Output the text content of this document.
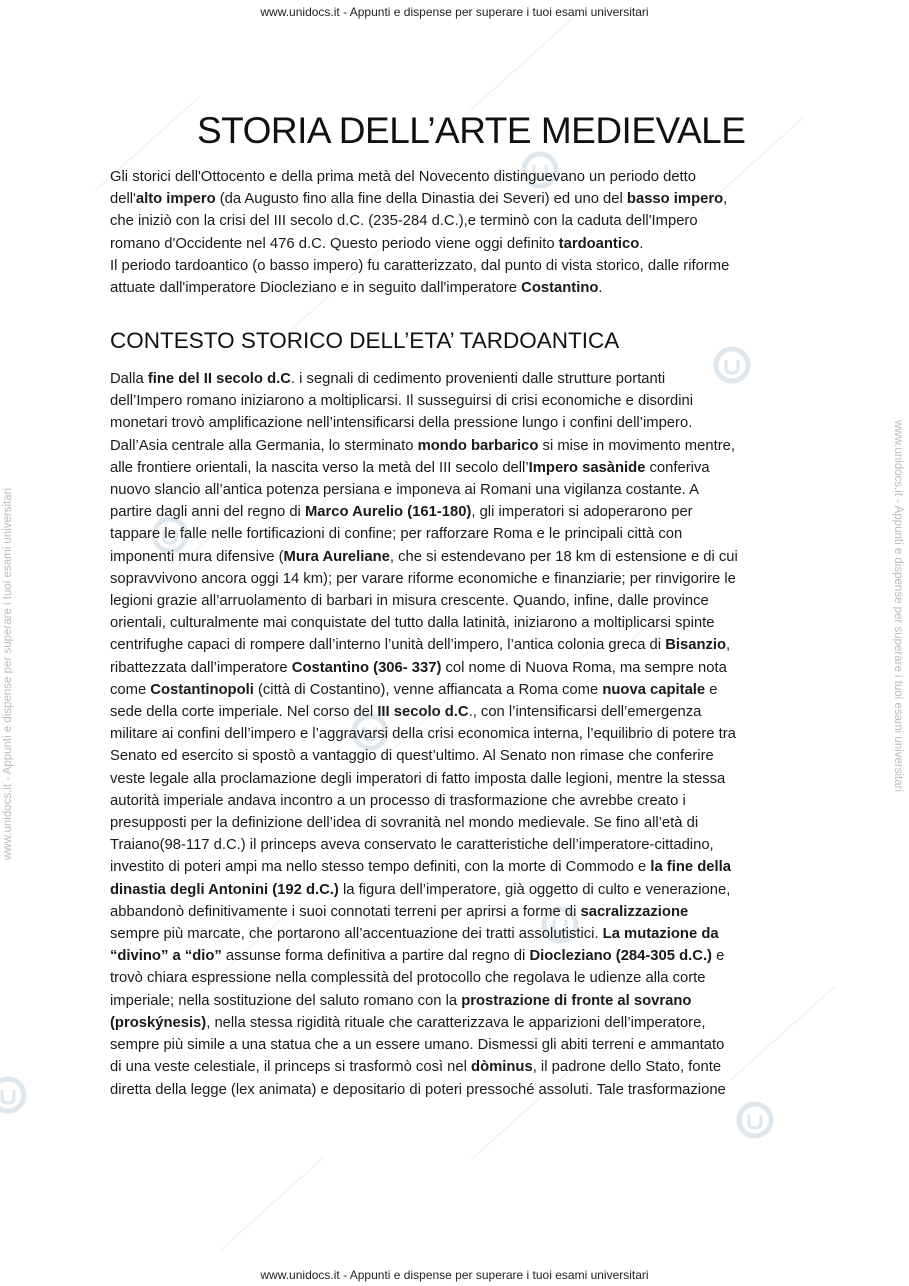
www.unidocs.it - Appunti e dispense per superare i tuoi esami universitari	www.unidocs.it - Appunti e dispense per superare i tuoi esami universitari
www.unidocs.it - Appunti e dispense per superare i tuoi esami universitari
www.unidocs.it - Appunti e dispense per superare i tuoi esami universitari
STORIA DELL’ARTE MEDIEVALE
Gli storici dell'Ottocento e della prima metà del Novecento distinguevano un periodo detto
dell'alto impero (da Augusto fino alla fine della Dinastia dei Severi) ed uno del basso impero,
che iniziò con la crisi del III secolo d.C. (235-284 d.C.),e terminò con la caduta dell'Impero
romano d'Occidente nel 476 d.C. Questo periodo viene oggi definito tardoantico.
Il periodo tardoantico (o basso impero) fu caratterizzato, dal punto di vista storico, dalle riforme
attuate dall'imperatore Diocleziano e in seguito dall'imperatore Costantino.
CONTESTO STORICO DELL’ETA’ TARDOANTICA
Dalla fine del II secolo d.C. i segnali di cedimento provenienti dalle strutture portanti
dell’Impero romano iniziarono a moltiplicarsi. Il susseguirsi di crisi economiche e disordini
monetari trovò amplificazione nell’intensificarsi della pressione lungo i confini dell’impero.
Dall’Asia centrale alla Germania, lo sterminato mondo barbarico si mise in movimento mentre,
alle frontiere orientali, la nascita verso la metà del III secolo dell’Impero sasànide conferiva
nuovo slancio all’antica potenza persiana e imponeva ai Romani una vigilanza costante. A
partire dagli anni del regno di Marco Aurelio (161-180), gli imperatori si adoperarono per
tappare le falle nelle fortificazioni di confine; per rafforzare Roma e le principali città con
imponenti mura difensive (Mura Aureliane, che si estendevano per 18 km di estensione e di cui
sopravvivono ancora oggi 14 km); per varare riforme economiche e finanziarie; per rinvigorire le
legioni grazie all’arruolamento di barbari in misura crescente. Quando, infine, dalle province
orientali, culturalmente mai conquistate del tutto dalla latinità, iniziarono a moltiplicarsi spinte
centrifughe capaci di rompere dall’interno l’unità dell’impero, l’antica colonia greca di Bisanzio,
ribattezzata dall’imperatore Costantino (306- 337) col nome di Nuova Roma, ma sempre nota
come Costantinopoli (città di Costantino), venne affiancata a Roma come nuova capitale e
sede della corte imperiale. Nel corso del III secolo d.C., con l’intensificarsi dell’emergenza
militare ai confini dell’impero e l’aggravarsi della crisi economica interna, l’equilibrio di potere tra
Senato ed esercito si spostò a vantaggio di quest’ultimo. Al Senato non rimase che conferire
veste legale alla proclamazione degli imperatori di fatto imposta dalle legioni, mentre la stessa
autorità imperiale andava incontro a un processo di trasformazione che avrebbe creato i
presupposti per la definizione dell’idea di sovranità nel mondo medievale. Se fino all’età di
Traiano(98-117 d.C.) il princeps aveva conservato le caratteristiche dell’imperatore-cittadino,
investito di poteri ampi ma nello stesso tempo definiti, con la morte di Commodo e la fine della
dinastia degli Antonini (192 d.C.) la figura dell’imperatore, già oggetto di culto e venerazione,
abbandonò definitivamente i suoi connotati terreni per aprirsi a forme di sacralizzazione
sempre più marcate, che portarono all’accentuazione dei tratti assolutistici. La mutazione da
“divino” a “dio” assunse forma definitiva a partire dal regno di Diocleziano (284-305 d.C.) e
trovò chiara espressione nella complessità del protocollo che regolava le udienze alla corte
imperiale; nella sostituzione del saluto romano con la prostrazione di fronte al sovrano
(proskýnesis), nella stessa rigidità rituale che caratterizzava le apparizioni dell’imperatore,
sempre più simile a una statua che a un essere umano. Dismessi gli abiti terreni e ammantato
di una veste celestiale, il princeps si trasformò così nel dòminus, il padrone dello Stato, fonte
diretta della legge (lex animata) e depositario di poteri pressoché assoluti. Tale trasformazione
